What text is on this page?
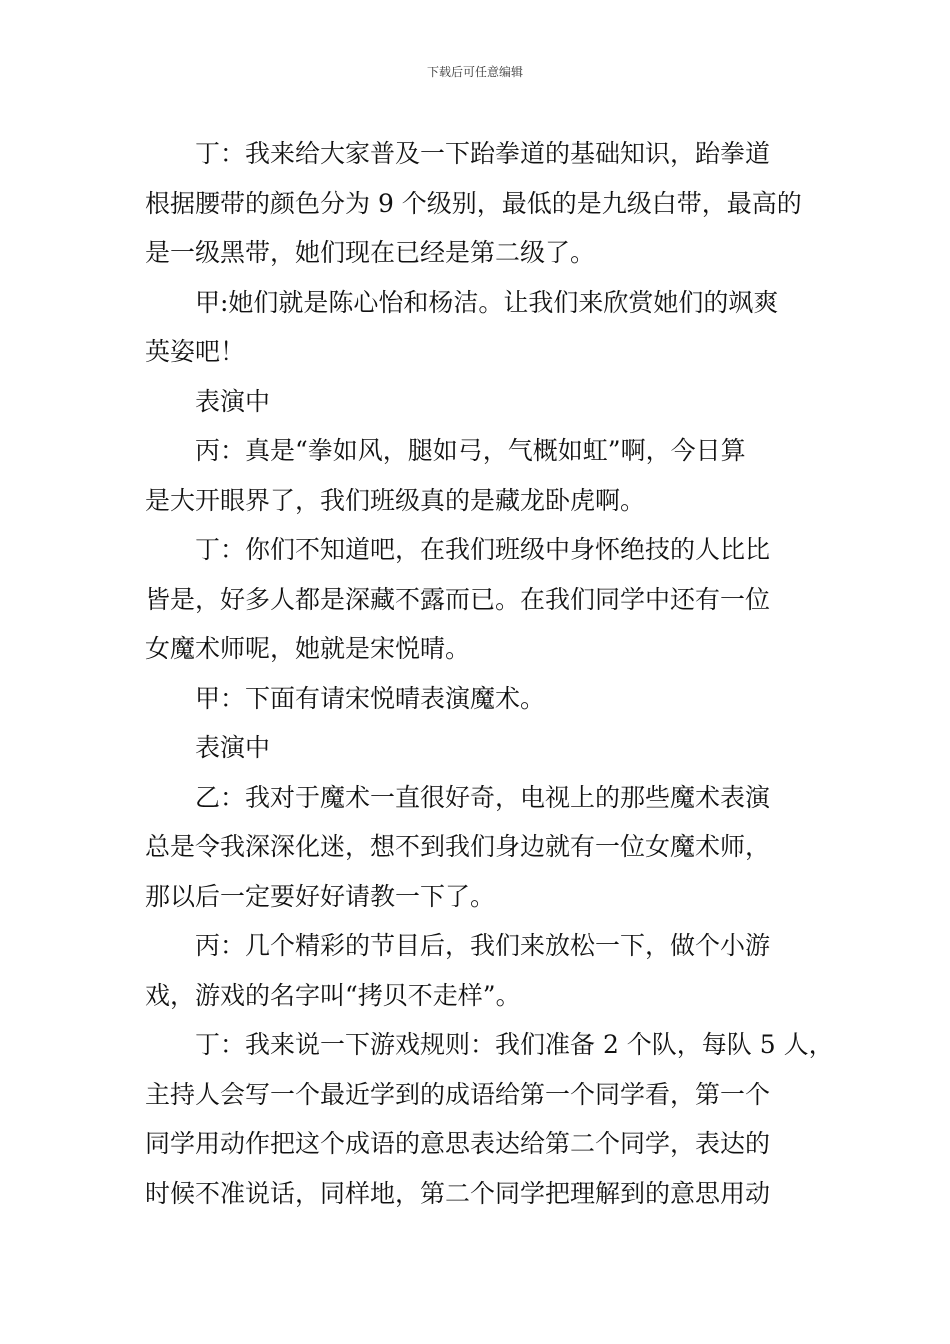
下载后可任意编辑
丁：我来给大家普及一下跆拳道的基础知识，跆拳道
根据腰带的颜色分为 9 个级别，最低的是九级白带，最高的
是一级黑带，她们现在已经是第二级了。
甲:她们就是陈心怡和杨洁。让我们来欣赏她们的飒爽
英姿吧！
表演中
丙：真是“拳如风，腿如弓，气概如虹”啊，今日算
是大开眼界了，我们班级真的是藏龙卧虎啊。
丁：你们不知道吧，在我们班级中身怀绝技的人比比
皆是，好多人都是深藏不露而已。在我们同学中还有一位
女魔术师呢，她就是宋悦晴。
甲：下面有请宋悦晴表演魔术。
表演中
乙：我对于魔术一直很好奇，电视上的那些魔术表演
总是令我深深化迷，想不到我们身边就有一位女魔术师，
那以后一定要好好请教一下了。
丙：几个精彩的节目后，我们来放松一下，做个小游
戏，游戏的名字叫“拷贝不走样”。
丁：我来说一下游戏规则：我们准备 2 个队，每队 5 人，
主持人会写一个最近学到的成语给第一个同学看，第一个
同学用动作把这个成语的意思表达给第二个同学，表达的
时候不准说话，同样地，第二个同学把理解到的意思用动
